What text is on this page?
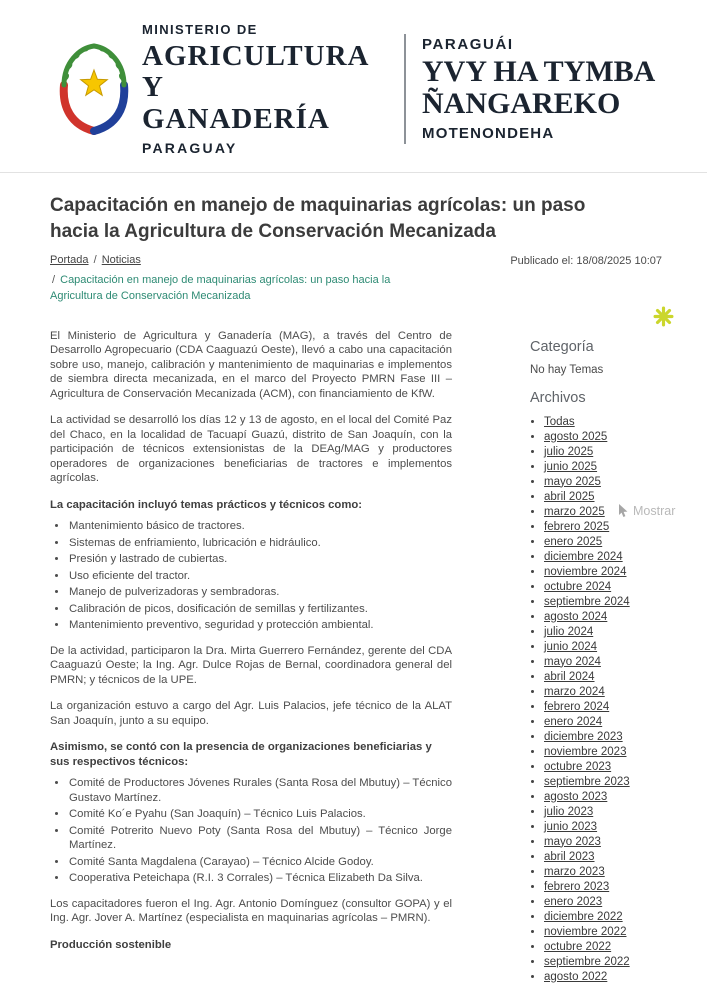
MINISTERIO DE
AGRICULTURA Y
GANADERÍA
PARAGUAY
PARAGUÁI
YVY HA TYMBA
ÑANGAREKO
MOTENONDEHA
Capacitación en manejo de maquinarias agrícolas: un paso hacia la Agricultura de Conservación Mecanizada
Portada / Noticias
/ Capacitación en manejo de maquinarias agrícolas: un paso hacia la Agricultura de Conservación Mecanizada
Publicado el: 18/08/2025 10:07

El Ministerio de Agricultura y Ganadería (MAG), a través del Centro de Desarrollo Agropecuario (CDA Caaguazú Oeste), llevó a cabo una capacitación sobre uso, manejo, calibración y mantenimiento de maquinarias e implementos de siembra directa mecanizada, en el marco del Proyecto PMRN Fase III – Agricultura de Conservación Mecanizada (ACM), con financiamiento de KfW.

La actividad se desarrolló los días 12 y 13 de agosto, en el local del Comité Paz del Chaco, en la localidad de Tacuapí Guazú, distrito de San Joaquín, con la participación de técnicos extensionistas de la DEAg/MAG y productores operadores de organizaciones beneficiarias de tractores e implementos agrícolas.

La capacitación incluyó temas prácticos y técnicos como:

• Mantenimiento básico de tractores.
• Sistemas de enfriamiento, lubricación e hidráulico.
• Presión y lastrado de cubiertas.
• Uso eficiente del tractor.
• Manejo de pulverizadoras y sembradoras.
• Calibración de picos, dosificación de semillas y fertilizantes.
• Mantenimiento preventivo, seguridad y protección ambiental.

De la actividad, participaron la Dra. Mirta Guerrero Fernández, gerente del CDA Caaguazú Oeste; la Ing. Agr. Dulce Rojas de Bernal, coordinadora general del PMRN; y técnicos de la UPE.

La organización estuvo a cargo del Agr. Luis Palacios, jefe técnico de la ALAT San Joaquín, junto a su equipo.

Asimismo, se contó con la presencia de organizaciones beneficiarias y sus respectivos técnicos:

• Comité de Productores Jóvenes Rurales (Santa Rosa del Mbutuy) – Técnico Gustavo Martínez.
• Comité Ko´e Pyahu (San Joaquín) – Técnico Luis Palacios.
• Comité Potrerito Nuevo Poty (Santa Rosa del Mbutuy) – Técnico Jorge Martínez.
• Comité Santa Magdalena (Carayao) – Técnico Alcide Godoy.
• Cooperativa Peteichapa (R.I. 3 Corrales) – Técnica Elizabeth Da Silva.

Los capacitadores fueron el Ing. Agr. Antonio Domínguez (consultor GOPA) y el Ing. Agr. Jover A. Martínez (especialista en maquinarias agrícolas – PMRN).

Producción sostenible

Categoría
No hay Temas
Archivos
• Todas
• agosto 2025
• julio 2025
• junio 2025
• mayo 2025
• abril 2025
• marzo 2025
• febrero 2025
• enero 2025
• diciembre 2024
• noviembre 2024
• octubre 2024
• septiembre 2024
• agosto 2024
• julio 2024
• junio 2024
• mayo 2024
• abril 2024
• marzo 2024
• febrero 2024
• enero 2024
• diciembre 2023
• noviembre 2023
• octubre 2023
• septiembre 2023
• agosto 2023
• julio 2023
• junio 2023
• mayo 2023
• abril 2023
• marzo 2023
• febrero 2023
• enero 2023
• diciembre 2022
• noviembre 2022
• octubre 2022
• septiembre 2022
• agosto 2022
Mostrar
